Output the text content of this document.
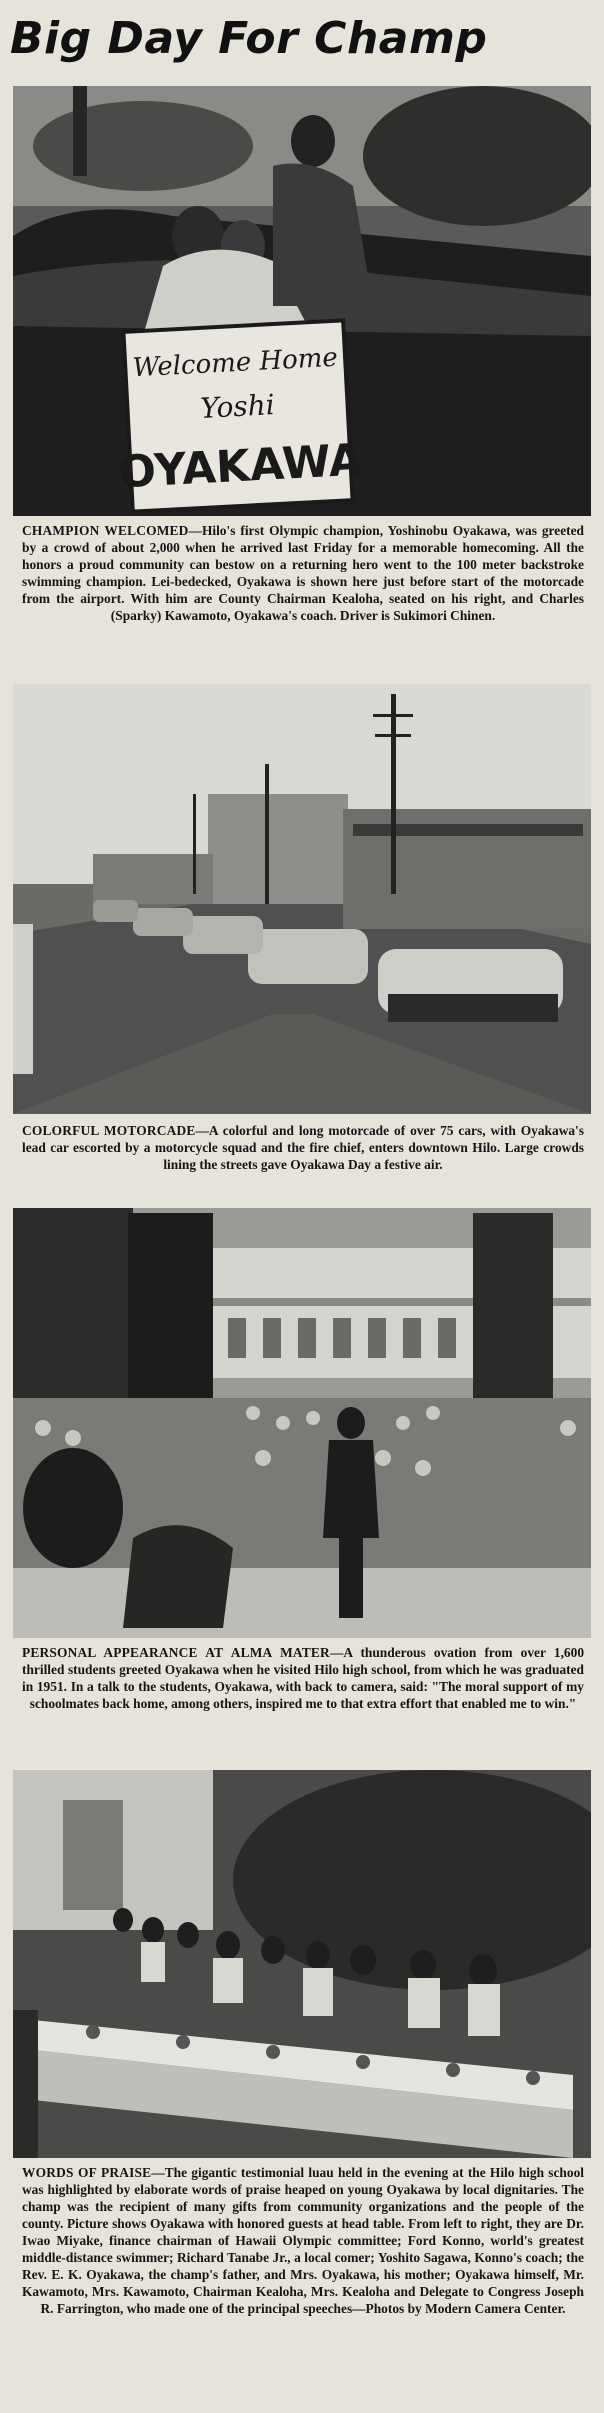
Big Day For Champ
Welcome Home
Yoshi
OYAKAWA
CHAMPION WELCOMED—Hilo's first Olympic champion, Yoshinobu Oyakawa, was greeted by a crowd of about 2,000 when he arrived last Friday for a memorable homecoming. All the honors a proud community can bestow on a returning hero went to the 100 meter backstroke swimming champion. Lei-bedecked, Oyakawa is shown here just before start of the motorcade from the airport. With him are County Chairman Kealoha, seated on his right, and Charles (Sparky) Kawamoto, Oyakawa's coach. Driver is Sukimori Chinen.
COLORFUL MOTORCADE—A colorful and long motorcade of over 75 cars, with Oyakawa's lead car escorted by a motorcycle squad and the fire chief, enters downtown Hilo. Large crowds lining the streets gave Oyakawa Day a festive air.
PERSONAL APPEARANCE AT ALMA MATER—A thunderous ovation from over 1,600 thrilled students greeted Oyakawa when he visited Hilo high school, from which he was graduated in 1951. In a talk to the students, Oyakawa, with back to camera, said: "The moral support of my schoolmates back home, among others, inspired me to that extra effort that enabled me to win."
WORDS OF PRAISE—The gigantic testimonial luau held in the evening at the Hilo high school was highlighted by elaborate words of praise heaped on young Oyakawa by local dignitaries. The champ was the recipient of many gifts from community organizations and the people of the county. Picture shows Oyakawa with honored guests at head table. From left to right, they are Dr. Iwao Miyake, finance chairman of Hawaii Olympic committee; Ford Konno, world's greatest middle-distance swimmer; Richard Tanabe Jr., a local comer; Yoshito Sagawa, Konno's coach; the Rev. E. K. Oyakawa, the champ's father, and Mrs. Oyakawa, his mother; Oyakawa himself, Mr. Kawamoto, Mrs. Kawamoto, Chairman Kealoha, Mrs. Kealoha and Delegate to Congress Joseph R. Farrington, who made one of the principal speeches—Photos by Modern Camera Center.
